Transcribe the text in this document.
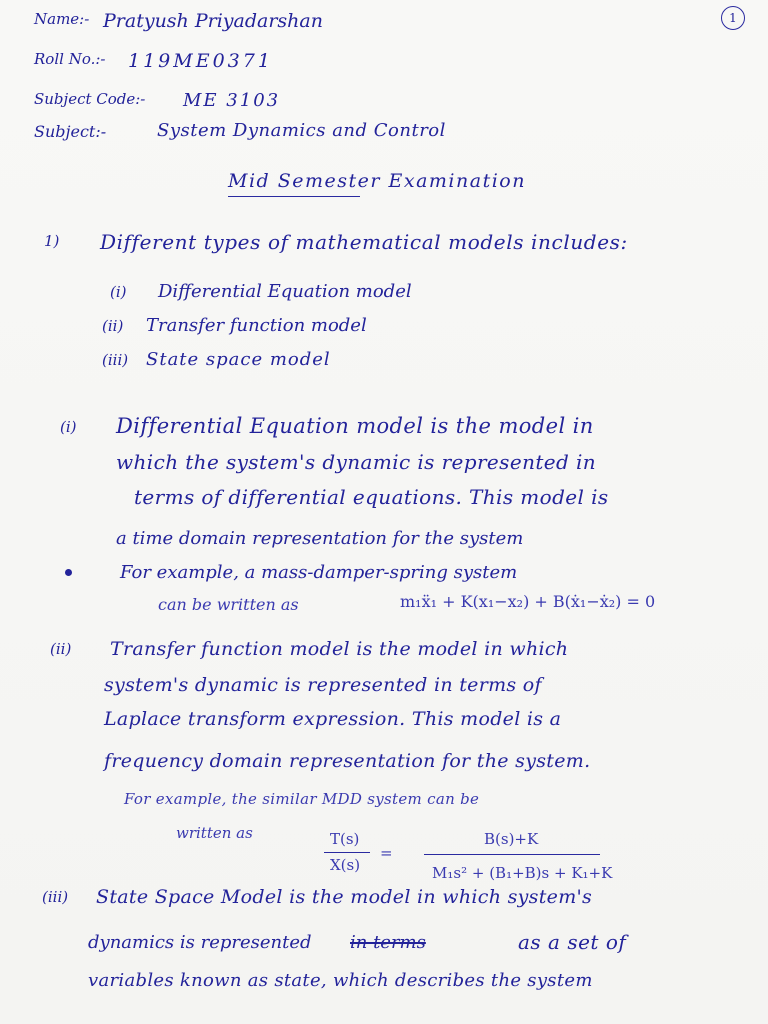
1
Name:- Pratyush Priyadarshan
Roll No.:- 119ME0371
Subject Code:- ME 3103
Subject:-	System Dynamics and Control
Mid Semester Examination
1) Different types of mathematical models includes:
(i) Differential Equation model
(ii) Transfer function model
(iii) State space model
(i) Differential Equation model is the model in
which the system's dynamic is represented in
terms of differential equations. This model is
a time domain representation for the system
For example, a mass-damper-spring system
can be written as	m₁ẍ₁ + K(x₁−x₂) + B(ẋ₁−ẋ₂) = 0
(ii) Transfer function model is the model in which
system's dynamic is represented in terms of
Laplace transform expression. This model is a
frequency domain representation for the system.
For example, the similar MDD system can be
written as	T(s)
X(s)
=
B(s)+K
M₁s² + (B₁+B)s + K₁+K
(iii) State Space Model is the model in which system's
dynamics is represented in terms	as a set of
variables known as state, which describes the system
